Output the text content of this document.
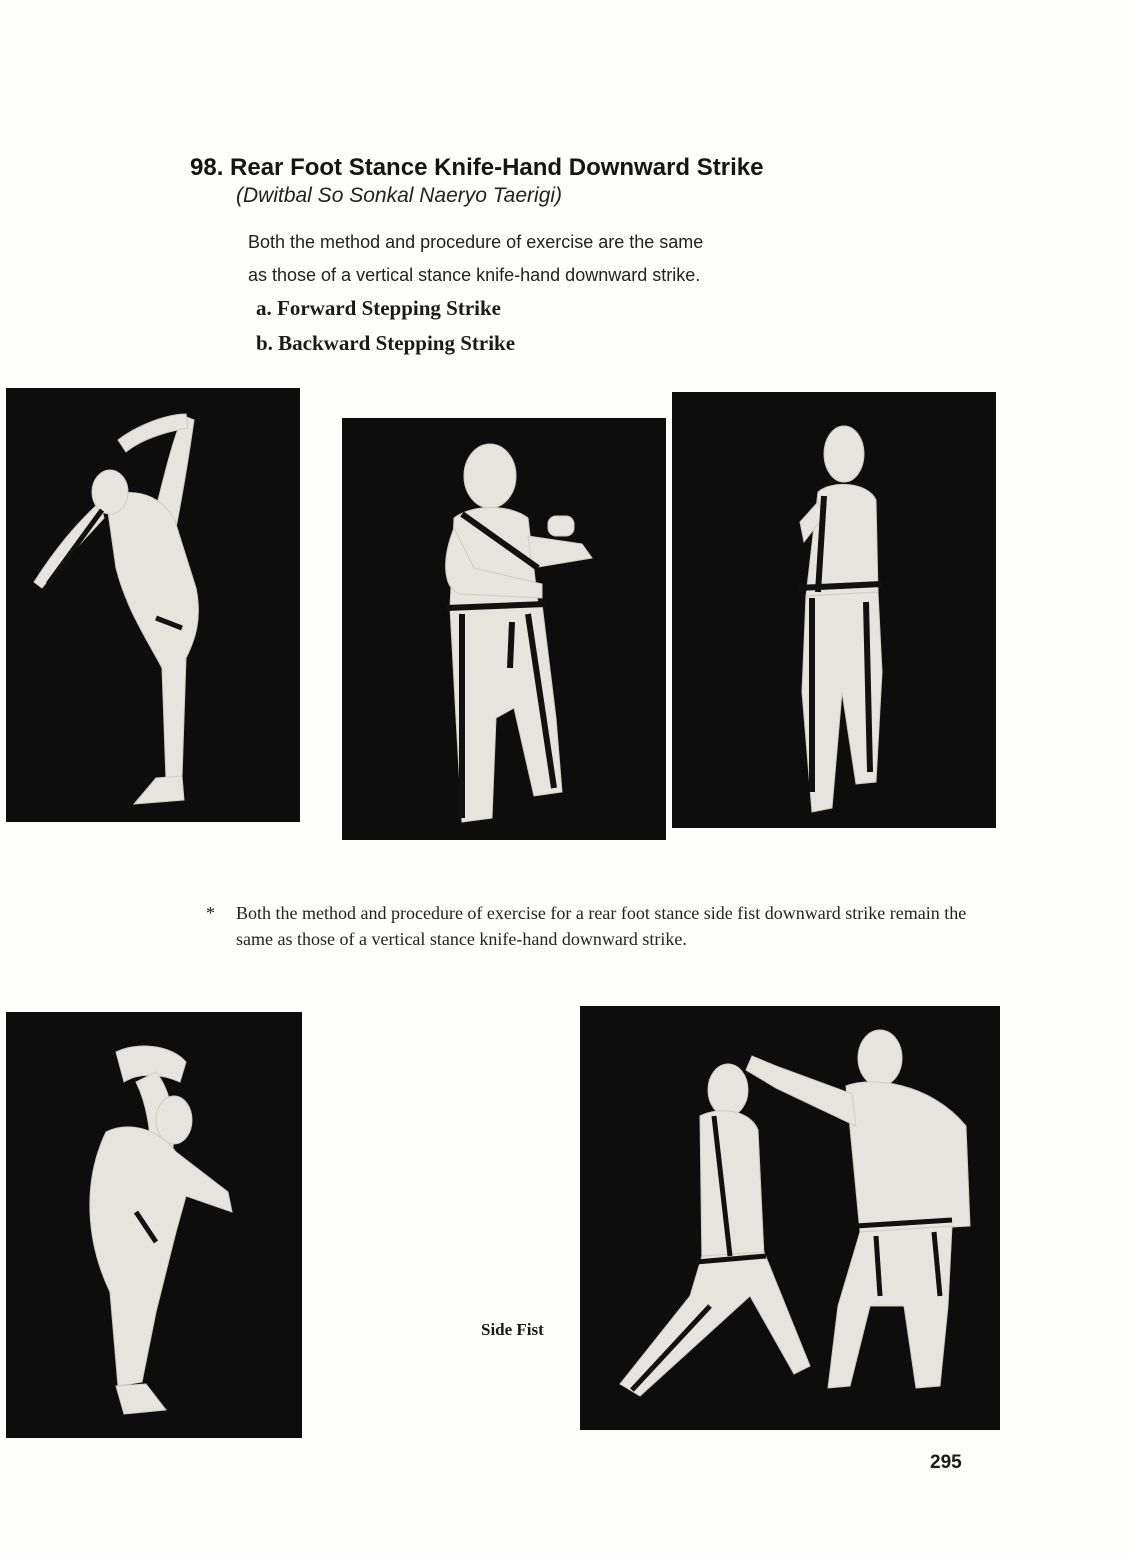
98. Rear Foot Stance Knife-Hand Downward Strike
(Dwitbal So Sonkal Naeryo Taerigi)
Both the method and procedure of exercise are the same
as those of a vertical stance knife-hand downward strike.
a. Forward Stepping Strike
b. Backward Stepping Strike
* Both the method and procedure of exercise for a rear foot stance side fist downward strike remain the same as those of a vertical stance knife-hand downward strike.
Side Fist
295
